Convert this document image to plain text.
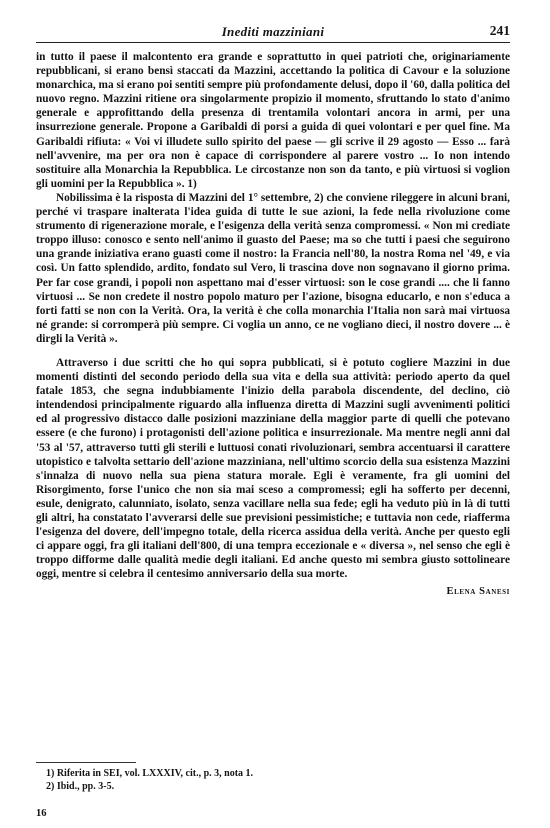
Inediti mazziniani	241

in tutto il paese il malcontento era grande e soprattutto in quei patrioti che, originariamente repubblicani, si erano bensì staccati da Mazzini, accettando la politica di Cavour e la soluzione monarchica, ma si erano poi sentiti sempre più profondamente delusi, dopo il '60, dalla politica del nuovo regno. Mazzini ritiene ora singolarmente propizio il momento, sfruttando lo stato d'animo generale e approfittando della presenza di trentamila volontari ancora in armi, per una insurrezione generale. Propone a Garibaldi di porsi a guida di quei volontari e per quel fine. Ma Garibaldi rifiuta: « Voi vi illudete sullo spirito del paese — gli scrive il 29 agosto — Esso ... farà nell'avvenire, ma per ora non è capace di corrispondere al parere vostro ... Io non intendo sostituire alla Monarchia la Repubblica. Le circostanze non son da tanto, e più virtuosi si voglion gli uomini per la Repubblica ». 1)

Nobilissima è la risposta di Mazzini del 1° settembre, 2) che conviene rileggere in alcuni brani, perché vi traspare inalterata l'idea guida di tutte le sue azioni, la fede nella rivoluzione come strumento di rigenerazione morale, e l'esigenza della verità senza compromessi. « Non mi crediate troppo illuso: conosco e sento nell'animo il guasto del Paese; ma so che tutti i paesi che seguirono una grande iniziativa erano guasti come il nostro: la Francia nell'80, la nostra Roma nel '49, e via così. Un fatto splendido, ardito, fondato sul Vero, li trascina dove non sognavano il giorno prima. Per far cose grandi, i popoli non aspettano mai d'esser virtuosi: son le cose grandi .... che li fanno virtuosi ... Se non credete il nostro popolo maturo per l'azione, bisogna educarlo, e non s'educa a forti fatti se non con la Verità. Ora, la verità è che colla monarchia l'Italia non sarà mai virtuosa né grande: si corromperà più sempre. Ci voglia un anno, ce ne vogliano dieci, il nostro dovere ... è dirgli la Verità ».

Attraverso i due scritti che ho qui sopra pubblicati, si è potuto cogliere Mazzini in due momenti distinti del secondo periodo della sua vita e della sua attività: periodo aperto da quel fatale 1853, che segna indubbiamente l'inizio della parabola discendente, del declino, ciò intendendosi principalmente riguardo alla influenza diretta di Mazzini sugli avvenimenti politici ed al progressivo distacco dalle posizioni mazziniane della maggior parte di quelli che potevano essere (e che furono) i protagonisti dell'azione politica e insurrezionale. Ma mentre negli anni dal '53 al '57, attraverso tutti gli sterili e luttuosi conati rivoluzionari, sembra accentuarsi il carattere utopistico e talvolta settario dell'azione mazziniana, nell'ultimo scorcio della sua esistenza Mazzini s'innalza di nuovo nella sua piena statura morale. Egli è veramente, fra gli uomini del Risorgimento, forse l'unico che non sia mai sceso a compromessi; egli ha sofferto per decenni, esule, denigrato, calunniato, isolato, senza vacillare nella sua fede; egli ha veduto più in là di tutti gli altri, ha constatato l'avverarsi delle sue previsioni pessimistiche; e tuttavia non cede, riafferma l'esigenza del dovere, dell'impegno totale, della ricerca assidua della verità. Anche per questo egli ci appare oggi, fra gli italiani dell'800, di una tempra eccezionale e « diversa », nel senso che egli è troppo difforme dalle qualità medie degli italiani. Ed anche questo mi sembra giusto sottolineare oggi, mentre si celebra il centesimo anniversario della sua morte.

Elena Sanesi

1) Riferita in SEI, vol. LXXXIV, cit., p. 3, nota 1.

2) Ibid., pp. 3-5.

16
